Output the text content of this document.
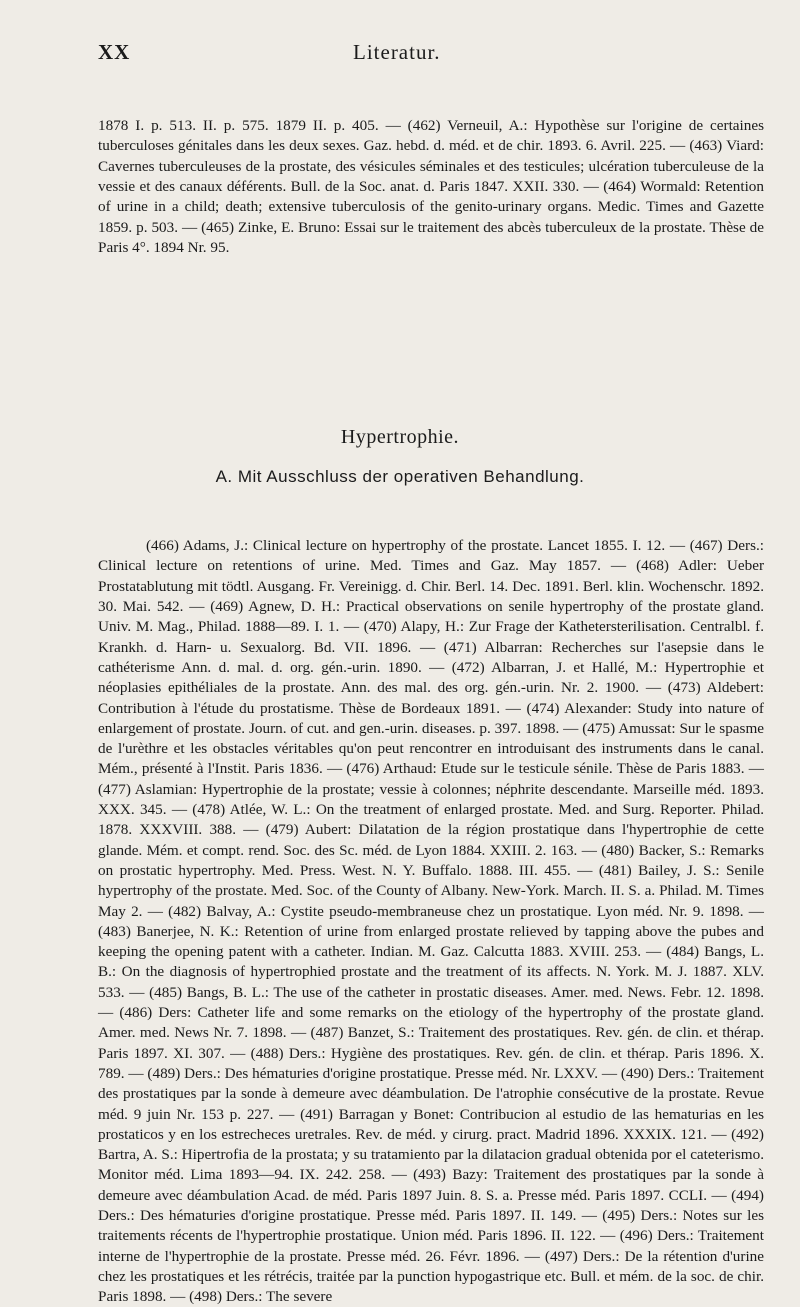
XX	Literatur.

1878 I. p. 513. II. p. 575. 1879 II. p. 405. — (462) Verneuil, A.: Hypothèse sur l'origine de certaines tuberculoses génitales dans les deux sexes. Gaz. hebd. d. méd. et de chir. 1893. 6. Avril. 225. — (463) Viard: Cavernes tuberculeuses de la prostate, des vésicules séminales et des testicules; ulcération tuberculeuse de la vessie et des canaux déférents. Bull. de la Soc. anat. d. Paris 1847. XXII. 330. — (464) Wormald: Retention of urine in a child; death; extensive tuberculosis of the genito-urinary organs. Medic. Times and Gazette 1859. p. 503. — (465) Zinke, E. Bruno: Essai sur le traitement des abcès tuberculeux de la prostate. Thèse de Paris 4°. 1894 Nr. 95.

Hypertrophie.
A. Mit Ausschluss der operativen Behandlung.

(466) Adams, J.: Clinical lecture on hypertrophy of the prostate. Lancet 1855. I. 12. — (467) Ders.: Clinical lecture on retentions of urine. Med. Times and Gaz. May 1857. — (468) Adler: Ueber Prostatablutung mit tödtl. Ausgang. Fr. Vereinigg. d. Chir. Berl. 14. Dec. 1891. Berl. klin. Wochenschr. 1892. 30. Mai. 542. — (469) Agnew, D. H.: Practical observations on senile hypertrophy of the prostate gland. Univ. M. Mag., Philad. 1888—89. I. 1. — (470) Alapy, H.: Zur Frage der Kathetersterilisation. Centralbl. f. Krankh. d. Harn- u. Sexualorg. Bd. VII. 1896. — (471) Albarran: Recherches sur l'asepsie dans le cathéterisme Ann. d. mal. d. org. gén.-urin. 1890. — (472) Albarran, J. et Hallé, M.: Hypertrophie et néoplasies epithéliales de la prostate. Ann. des mal. des org. gén.-urin. Nr. 2. 1900. — (473) Aldebert: Contribution à l'étude du prostatisme. Thèse de Bordeaux 1891. — (474) Alexander: Study into nature of enlargement of prostate. Journ. of cut. and gen.-urin. diseases. p. 397. 1898. — (475) Amussat: Sur le spasme de l'urèthre et les obstacles véritables qu'on peut rencontrer en introduisant des instruments dans le canal. Mém., présenté à l'Instit. Paris 1836. — (476) Arthaud: Etude sur le testicule sénile. Thèse de Paris 1883. — (477) Aslamian: Hypertrophie de la prostate; vessie à colonnes; néphrite descendante. Marseille méd. 1893. XXX. 345. — (478) Atlée, W. L.: On the treatment of enlarged prostate. Med. and Surg. Reporter. Philad. 1878. XXXVIII. 388. — (479) Aubert: Dilatation de la région prostatique dans l'hypertrophie de cette glande. Mém. et compt. rend. Soc. des Sc. méd. de Lyon 1884. XXIII. 2. 163. — (480) Backer, S.: Remarks on prostatic hypertrophy. Med. Press. West. N. Y. Buffalo. 1888. III. 455. — (481) Bailey, J. S.: Senile hypertrophy of the prostate. Med. Soc. of the County of Albany. New-York. March. II. S. a. Philad. M. Times May 2. — (482) Balvay, A.: Cystite pseudo-membraneuse chez un prostatique. Lyon méd. Nr. 9. 1898. — (483) Banerjee, N. K.: Retention of urine from enlarged prostate relieved by tapping above the pubes and keeping the opening patent with a catheter. Indian. M. Gaz. Calcutta 1883. XVIII. 253. — (484) Bangs, L. B.: On the diagnosis of hypertrophied prostate and the treatment of its affects. N. York. M. J. 1887. XLV. 533. — (485) Bangs, B. L.: The use of the catheter in prostatic diseases. Amer. med. News. Febr. 12. 1898. — (486) Ders: Catheter life and some remarks on the etiology of the hypertrophy of the prostate gland. Amer. med. News Nr. 7. 1898. — (487) Banzet, S.: Traitement des prostatiques. Rev. gén. de clin. et thérap. Paris 1897. XI. 307. — (488) Ders.: Hygiène des prostatiques. Rev. gén. de clin. et thérap. Paris 1896. X. 789. — (489) Ders.: Des hématuries d'origine prostatique. Presse méd. Nr. LXXV. — (490) Ders.: Traitement des prostatiques par la sonde à demeure avec déambulation. De l'atrophie consécutive de la prostate. Revue méd. 9 juin Nr. 153 p. 227. — (491) Barragan y Bonet: Contribucion al estudio de las hematurias en les prostaticos y en los estrecheces uretrales. Rev. de méd. y cirurg. pract. Madrid 1896. XXXIX. 121. — (492) Bartra, A. S.: Hipertrofia de la prostata; y su tratamiento par la dilatacion gradual obtenida por el cateterismo. Monitor méd. Lima 1893—94. IX. 242. 258. — (493) Bazy: Traitement des prostatiques par la sonde à demeure avec déambulation Acad. de méd. Paris 1897 Juin. 8. S. a. Presse méd. Paris 1897. CCLI. — (494) Ders.: Des hématuries d'origine prostatique. Presse méd. Paris 1897. II. 149. — (495) Ders.: Notes sur les traitements récents de l'hypertrophie prostatique. Union méd. Paris 1896. II. 122. — (496) Ders.: Traitement interne de l'hypertrophie de la prostate. Presse méd. 26. Févr. 1896. — (497) Ders.: De la rétention d'urine chez les prostatiques et les rétrécis, traitée par la punction hypogastrique etc. Bull. et mém. de la soc. de chir. Paris 1898. — (498) Ders.: The severe
